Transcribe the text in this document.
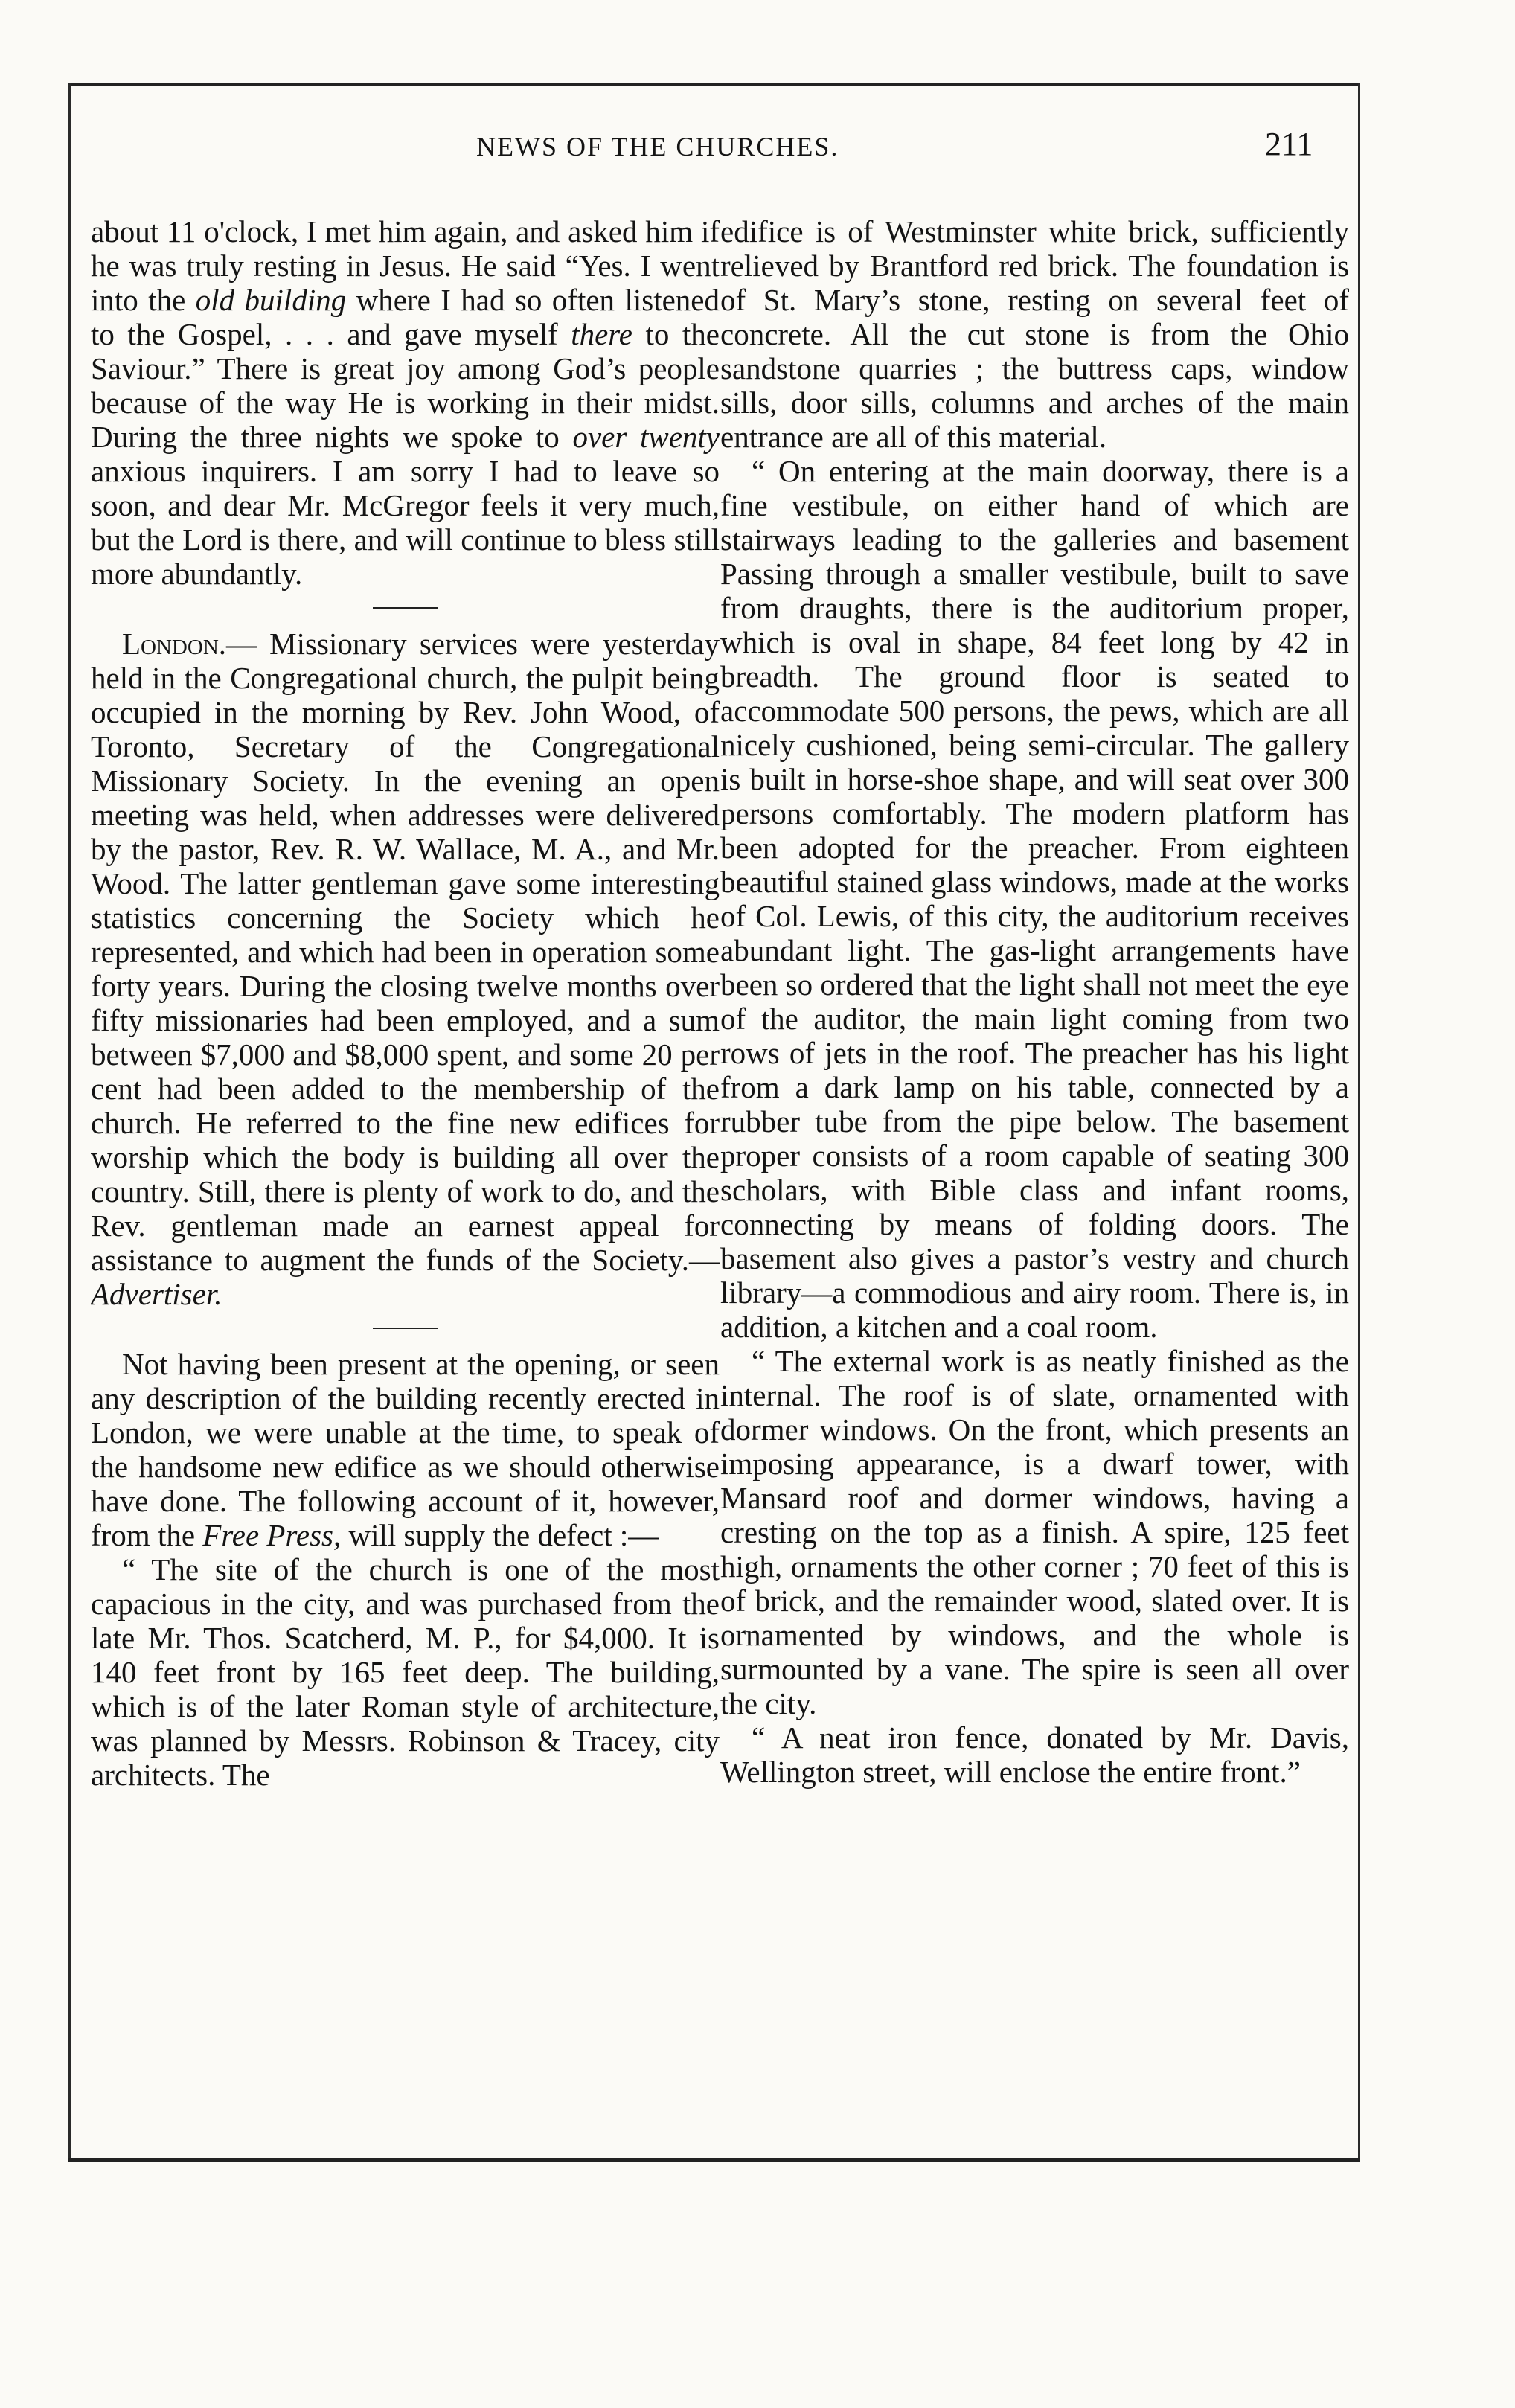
NEWS OF THE CHURCHES.	211

about 11 o'clock, I met him again, and asked him if he was truly resting in Jesus. He said “Yes. I went into the old building where I had so often listened to the Gospel, . . . and gave myself there to the Saviour.” There is great joy among God’s people because of the way He is working in their midst. During the three nights we spoke to over twenty anxious inquirers. I am sorry I had to leave so soon, and dear Mr. McGregor feels it very much, but the Lord is there, and will continue to bless still more abundantly.

London.— Missionary services were yesterday held in the Congregational church, the pulpit being occupied in the morning by Rev. John Wood, of Toronto, Secretary of the Congregational Missionary Society. In the evening an open meeting was held, when addresses were delivered by the pastor, Rev. R. W. Wallace, M. A., and Mr. Wood. The latter gentleman gave some interesting statistics concerning the Society which he represented, and which had been in operation some forty years. During the closing twelve months over fifty missionaries had been employed, and a sum between $7,000 and $8,000 spent, and some 20 per cent had been added to the membership of the church. He referred to the fine new edifices for worship which the body is building all over the country. Still, there is plenty of work to do, and the Rev. gentleman made an earnest appeal for assistance to augment the funds of the Society.—Advertiser.

Not having been present at the opening, or seen any description of the building recently erected in London, we were unable at the time, to speak of the handsome new edifice as we should otherwise have done. The following account of it, however, from the Free Press, will supply the defect :—

“ The site of the church is one of the most capacious in the city, and was purchased from the late Mr. Thos. Scatcherd, M. P., for $4,000. It is 140 feet front by 165 feet deep. The building, which is of the later Roman style of architecture, was planned by Messrs. Robinson & Tracey, city architects. The

edifice is of Westminster white brick, sufficiently relieved by Brantford red brick. The foundation is of St. Mary’s stone, resting on several feet of concrete. All the cut stone is from the Ohio sandstone quarries ; the buttress caps, window sills, door sills, columns and arches of the main entrance are all of this material.

“ On entering at the main doorway, there is a fine vestibule, on either hand of which are stairways leading to the galleries and basement Passing through a smaller vestibule, built to save from draughts, there is the auditorium proper, which is oval in shape, 84 feet long by 42 in breadth. The ground floor is seated to accommodate 500 persons, the pews, which are all nicely cushioned, being semi-circular. The gallery is built in horse-shoe shape, and will seat over 300 persons comfortably. The modern platform has been adopted for the preacher. From eighteen beautiful stained glass windows, made at the works of Col. Lewis, of this city, the auditorium receives abundant light. The gas-light arrangements have been so ordered that the light shall not meet the eye of the auditor, the main light coming from two rows of jets in the roof. The preacher has his light from a dark lamp on his table, connected by a rubber tube from the pipe below. The basement proper consists of a room capable of seating 300 scholars, with Bible class and infant rooms, connecting by means of folding doors. The basement also gives a pastor’s vestry and church library—a commodious and airy room. There is, in addition, a kitchen and a coal room.

“ The external work is as neatly finished as the internal. The roof is of slate, ornamented with dormer windows. On the front, which presents an imposing appearance, is a dwarf tower, with Mansard roof and dormer windows, having a cresting on the top as a finish. A spire, 125 feet high, ornaments the other corner ; 70 feet of this is of brick, and the remainder wood, slated over. It is ornamented by windows, and the whole is surmounted by a vane. The spire is seen all over the city.

“ A neat iron fence, donated by Mr. Davis, Wellington street, will enclose the entire front.”
